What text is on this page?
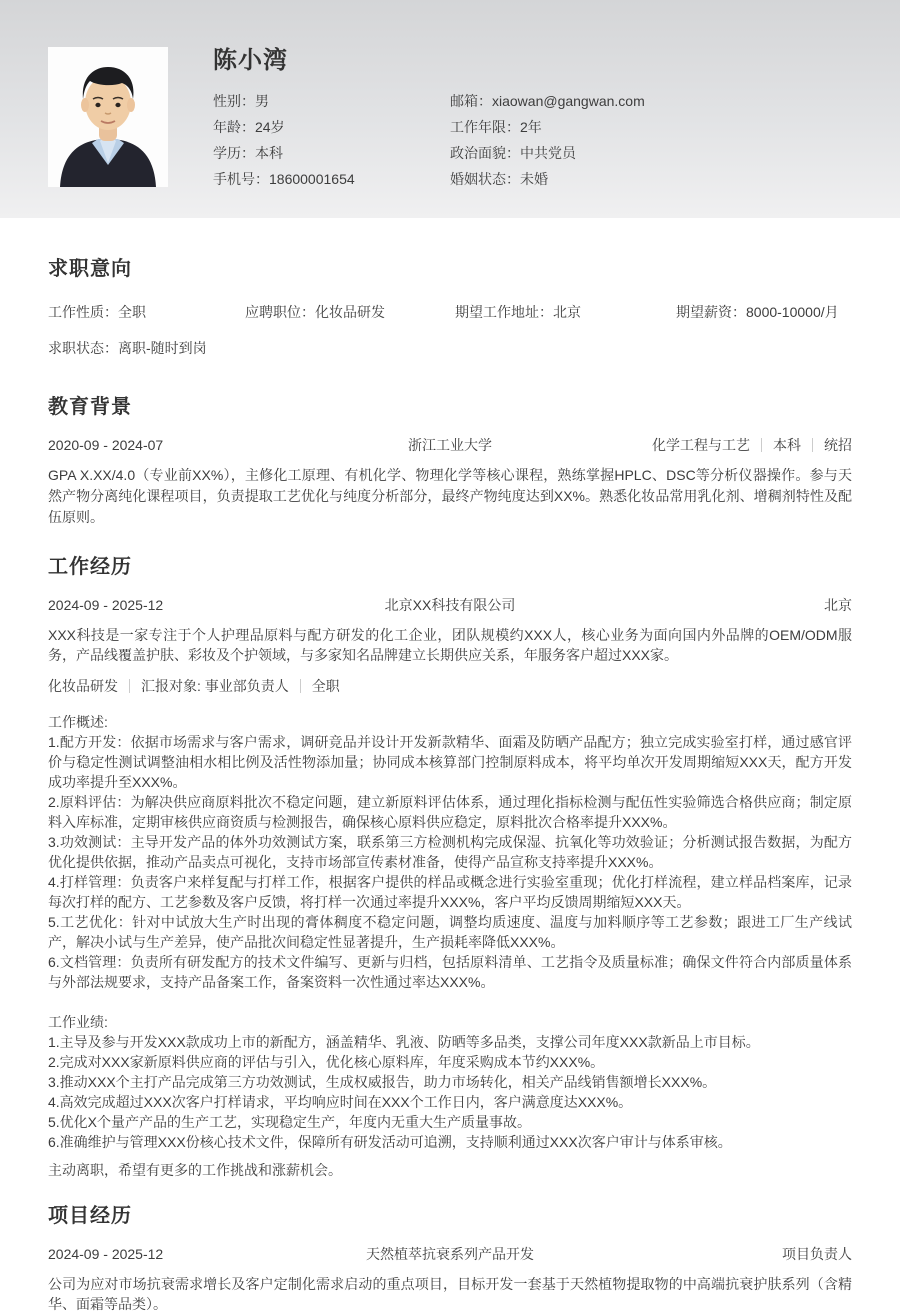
陈小湾
性别：男
年龄：24岁
学历：本科
手机号：18600001654
邮箱：xiaowan@gangwan.com
工作年限：2年
政治面貌：中共党员
婚姻状态：未婚
求职意向
工作性质：全职	应聘职位：化妆品研发	期望工作地址：北京	期望薪资：8000-10000/月
求职状态：离职-随时到岗
教育背景
2020-09 - 2024-07	浙江工业大学	化学工程与工艺 本科 统招
GPA X.XX/4.0（专业前XX%），主修化工原理、有机化学、物理化学等核心课程，熟练掌握HPLC、DSC等分析仪器操作。参与天然产物分离纯化课程项目，负责提取工艺优化与纯度分析部分，最终产物纯度达到XX%。熟悉化妆品常用乳化剂、增稠剂特性及配伍原则。
工作经历
2024-09 - 2025-12	北京XX科技有限公司	北京
XXX科技是一家专注于个人护理品原料与配方研发的化工企业，团队规模约XXX人，核心业务为面向国内外品牌的OEM/ODM服务，产品线覆盖护肤、彩妆及个护领域，与多家知名品牌建立长期供应关系，年服务客户超过XXX家。
化妆品研发 汇报对象: 事业部负责人 全职
工作概述:
1.配方开发：依据市场需求与客户需求，调研竞品并设计开发新款精华、面霜及防晒产品配方；独立完成实验室打样，通过感官评价与稳定性测试调整油相水相比例及活性物添加量；协同成本核算部门控制原料成本，将平均单次开发周期缩短XXX天，配方开发成功率提升至XXX%。
2.原料评估：为解决供应商原料批次不稳定问题，建立新原料评估体系，通过理化指标检测与配伍性实验筛选合格供应商；制定原料入库标准，定期审核供应商资质与检测报告，确保核心原料供应稳定，原料批次合格率提升XXX%。
3.功效测试：主导开发产品的体外功效测试方案，联系第三方检测机构完成保湿、抗氧化等功效验证；分析测试报告数据，为配方优化提供依据，推动产品卖点可视化，支持市场部宣传素材准备，使得产品宣称支持率提升XXX%。
4.打样管理：负责客户来样复配与打样工作，根据客户提供的样品或概念进行实验室重现；优化打样流程，建立样品档案库，记录每次打样的配方、工艺参数及客户反馈，将打样一次通过率提升XXX%，客户平均反馈周期缩短XXX天。
5.工艺优化：针对中试放大生产时出现的膏体稠度不稳定问题，调整均质速度、温度与加料顺序等工艺参数；跟进工厂生产线试产，解决小试与生产差异，使产品批次间稳定性显著提升，生产损耗率降低XXX%。
6.文档管理：负责所有研发配方的技术文件编写、更新与归档，包括原料清单、工艺指令及质量标准；确保文件符合内部质量体系与外部法规要求，支持产品备案工作，备案资料一次性通过率达XXX%。
工作业绩:
1.主导及参与开发XXX款成功上市的新配方，涵盖精华、乳液、防晒等多品类，支撑公司年度XXX款新品上市目标。
2.完成对XXX家新原料供应商的评估与引入，优化核心原料库，年度采购成本节约XXX%。
3.推动XXX个主打产品完成第三方功效测试，生成权威报告，助力市场转化，相关产品线销售额增长XXX%。
4.高效完成超过XXX次客户打样请求，平均响应时间在XXX个工作日内，客户满意度达XXX%。
5.优化X个量产产品的生产工艺，实现稳定生产，年度内无重大生产质量事故。
6.准确维护与管理XXX份核心技术文件，保障所有研发活动可追溯，支持顺利通过XXX次客户审计与体系审核。
主动离职，希望有更多的工作挑战和涨薪机会。
项目经历
2024-09 - 2025-12	天然植萃抗衰系列产品开发	项目负责人
公司为应对市场抗衰需求增长及客户定制化需求启动的重点项目，目标开发一套基于天然植物提取物的中高端抗衰护肤系列（含精华、面霜等品类）。
